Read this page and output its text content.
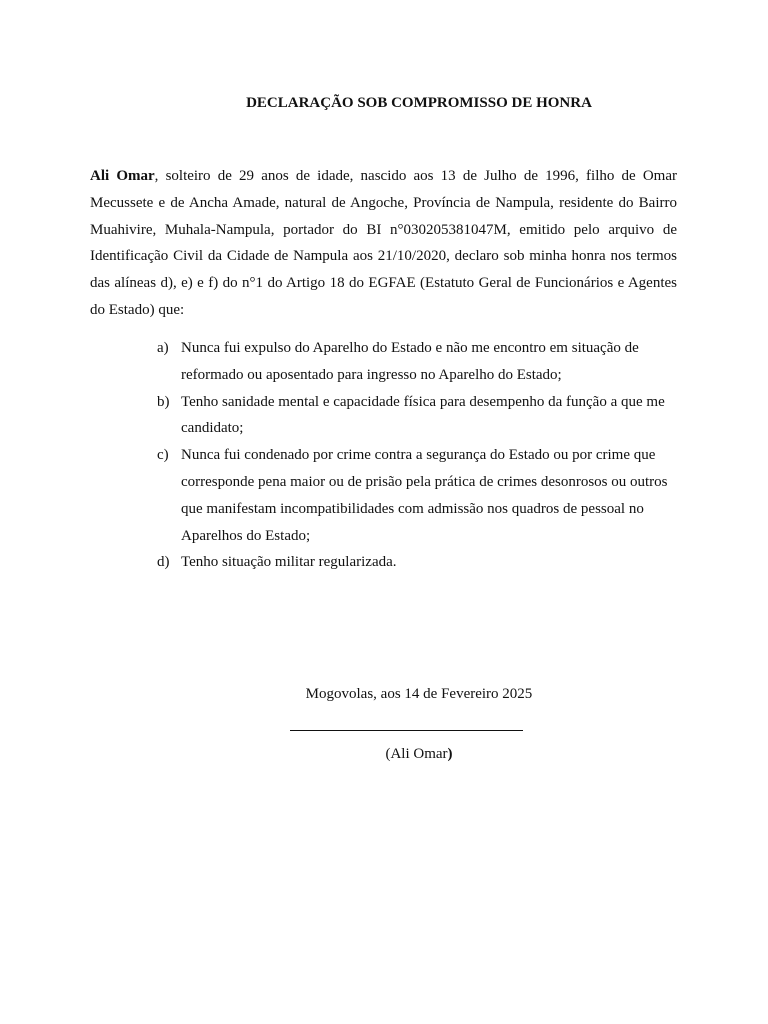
DECLARAÇÃO SOB COMPROMISSO DE HONRA

Ali Omar, solteiro de 29 anos de idade, nascido aos 13 de Julho de 1996, filho de Omar Mecussete e de Ancha Amade, natural de Angoche, Província de Nampula, residente do Bairro Muahivire, Muhala-Nampula, portador do BI n°030205381047M, emitido pelo arquivo de Identificação Civil da Cidade de Nampula aos 21/10/2020, declaro sob minha honra nos termos das alíneas d), e) e f) do n°1 do Artigo 18 do EGFAE (Estatuto Geral de Funcionários e Agentes do Estado) que:

a) Nunca fui expulso do Aparelho do Estado e não me encontro em situação de reformado ou aposentado para ingresso no Aparelho do Estado;
b) Tenho sanidade mental e capacidade física para desempenho da função a que me candidato;
c) Nunca fui condenado por crime contra a segurança do Estado ou por crime que corresponde pena maior ou de prisão pela prática de crimes desonrosos ou outros que manifestam incompatibilidades com admissão nos quadros de pessoal no Aparelhos do Estado;
d) Tenho situação militar regularizada.
Mogovolas, aos 14 de Fevereiro 2025
(Ali Omar)
